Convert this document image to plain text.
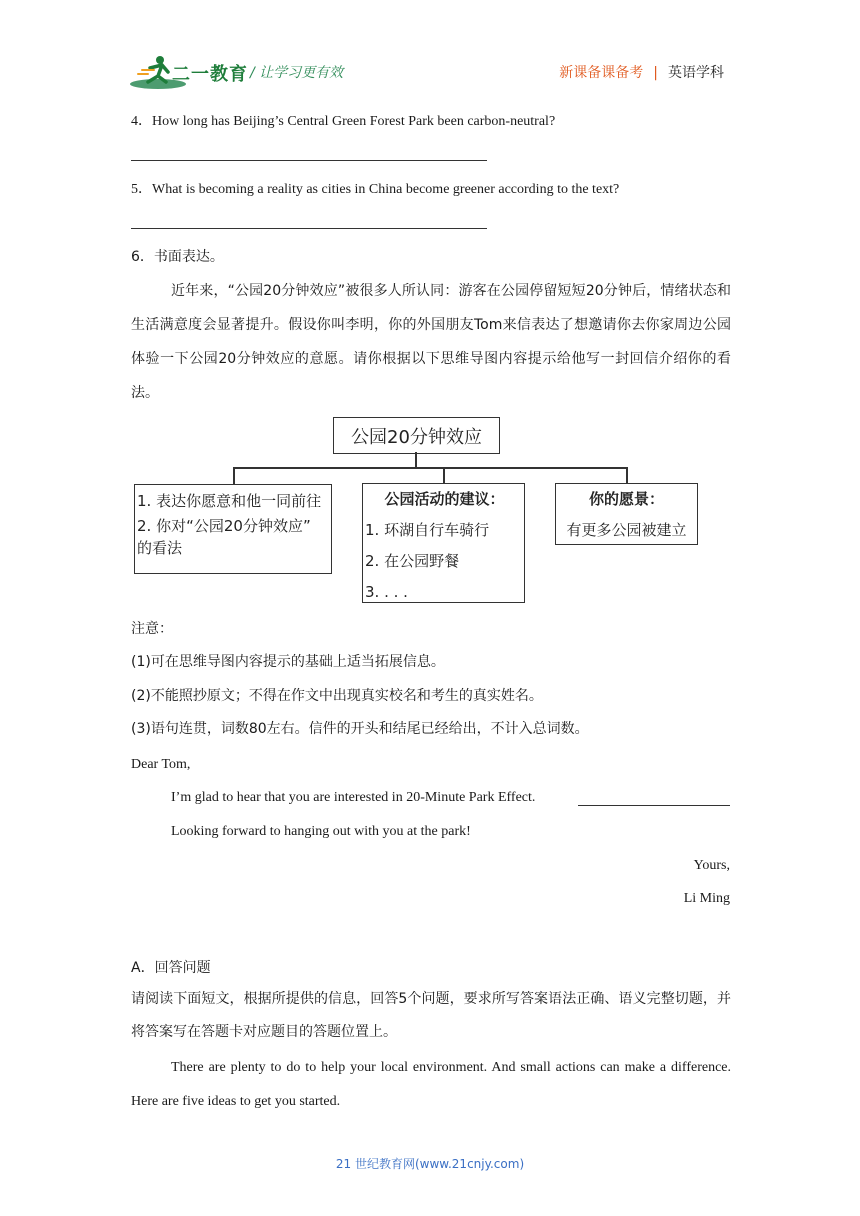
二一教育 / 让学习更有效	新课备课备考 | 英语学科
4．How long has Beijing’s Central Green Forest Park been carbon-neutral?
5．What is becoming a reality as cities in China become greener according to the text?
6．书面表达。
近年来，“公园20分钟效应”被很多人所认同：游客在公园停留短短20分钟后，情绪状态和生活满意度会显著提升。假设你叫李明，你的外国朋友Tom来信表达了想邀请你去你家周边公园体验一下公园20分钟效应的意愿。请你根据以下思维导图内容提示给他写一封回信介绍你的看法。
公园20分钟效应
1. 表达你愿意和他一同前往
2. 你对“公园20分钟效应”
的看法
公园活动的建议：
1. 环湖自行车骑行
2. 在公园野餐
3. . . .
你的愿景：
有更多公园被建立
注意：
(1)可在思维导图内容提示的基础上适当拓展信息。
(2)不能照抄原文；不得在作文中出现真实校名和考生的真实姓名。
(3)语句连贯，词数80左右。信件的开头和结尾已经给出，不计入总词数。
Dear Tom,
I’m glad to hear that you are interested in 20-Minute Park Effect.
Looking forward to hanging out with you at the park!
Yours,
Li Ming
A．回答问题
请阅读下面短文，根据所提供的信息，回答5个问题，要求所写答案语法正确、语义完整切题，并将答案写在答题卡对应题目的答题位置上。
There are plenty to do to help your local environment. And small actions can make a difference. Here are five ideas to get you started.
21 世纪教育网(www.21cnjy.com)
